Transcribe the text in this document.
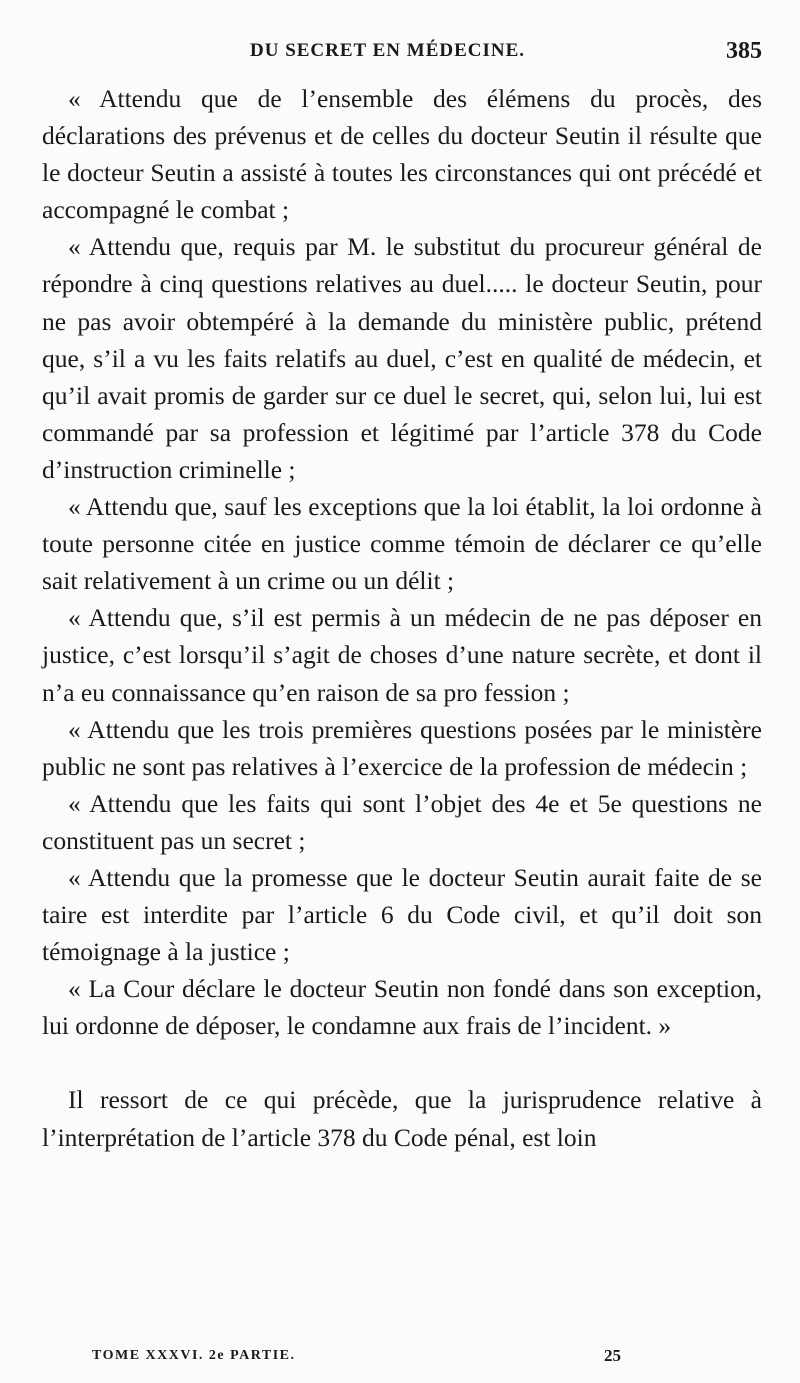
DU SECRET EN MÉDECINE.	385

« Attendu que de l’ensemble des élémens du procès, des déclarations des prévenus et de celles du docteur Seutin il résulte que le docteur Seutin a assisté à toutes les circonstances qui ont précédé et accompagné le combat ;

« Attendu que, requis par M. le substitut du procureur général de répondre à cinq questions relatives au duel..... le docteur Seutin, pour ne pas avoir obtempéré à la demande du ministère public, prétend que, s’il a vu les faits relatifs au duel, c’est en qualité de médecin, et qu’il avait promis de garder sur ce duel le secret, qui, selon lui, lui est commandé par sa profession et légitimé par l’article 378 du Code d’instruction criminelle ;

« Attendu que, sauf les exceptions que la loi établit, la loi ordonne à toute personne citée en justice comme témoin de déclarer ce qu’elle sait relativement à un crime ou un délit ;

« Attendu que, s’il est permis à un médecin de ne pas déposer en justice, c’est lorsqu’il s’agit de choses d’une nature secrète, et dont il n’a eu connaissance qu’en raison de sa pro fession ;

« Attendu que les trois premières questions posées par le ministère public ne sont pas relatives à l’exercice de la profession de médecin ;

« Attendu que les faits qui sont l’objet des 4e et 5e questions ne constituent pas un secret ;

« Attendu que la promesse que le docteur Seutin aurait faite de se taire est interdite par l’article 6 du Code civil, et qu’il doit son témoignage à la justice ;

« La Cour déclare le docteur Seutin non fondé dans son exception, lui ordonne de déposer, le condamne aux frais de l’incident. »

Il ressort de ce qui précède, que la jurisprudence relative à l’interprétation de l’article 378 du Code pénal, est loin

TOME XXXVI. 2e PARTIE.	25
